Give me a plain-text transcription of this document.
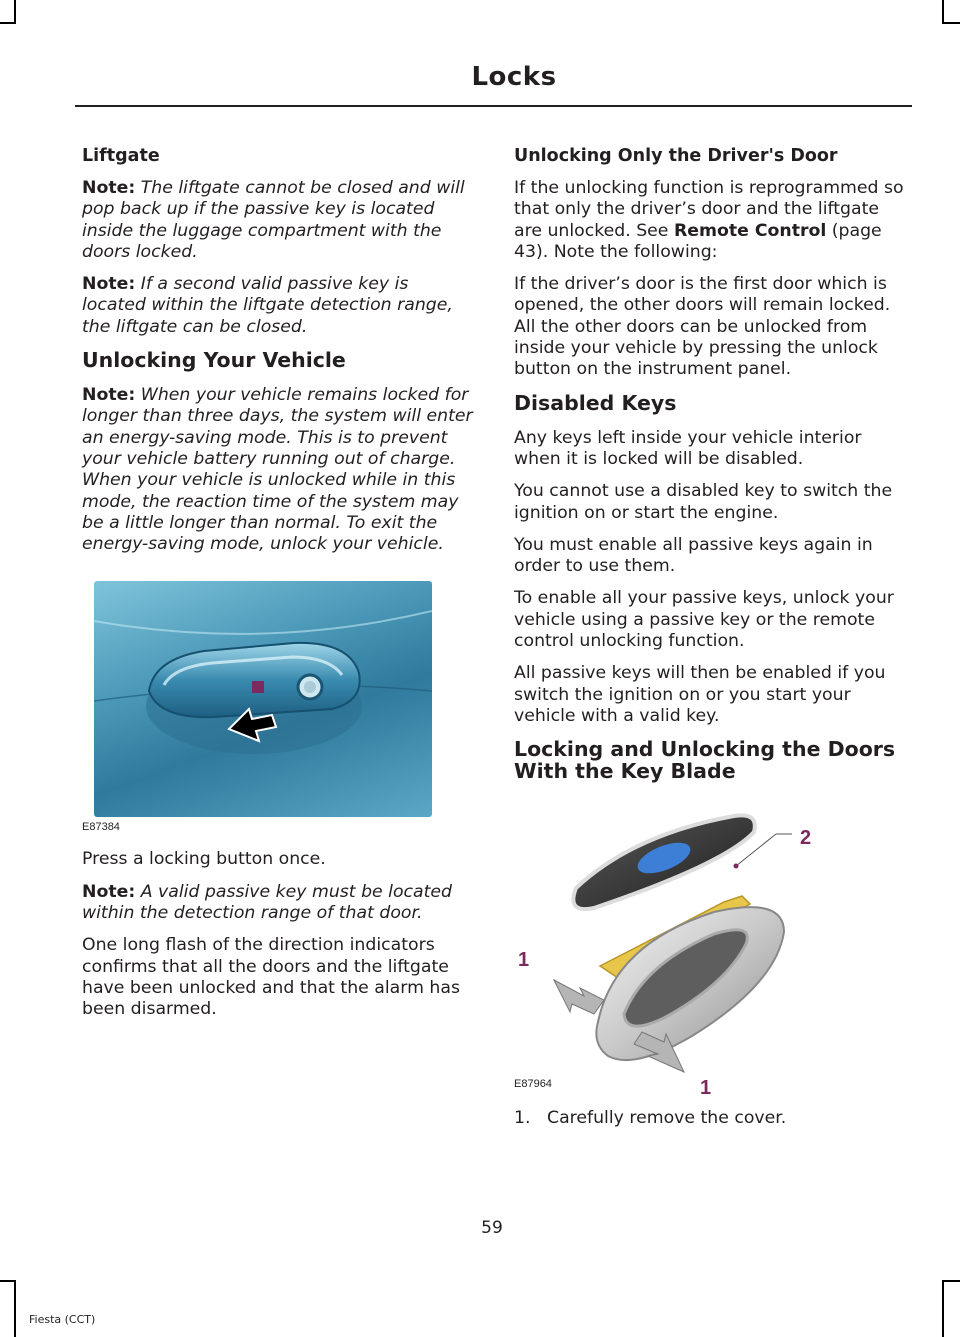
Locks
Liftgate

Note: The liftgate cannot be closed and will pop back up if the passive key is located inside the luggage compartment with the doors locked.

Note: If a second valid passive key is located within the liftgate detection range, the liftgate can be closed.

Unlocking Your Vehicle

Note: When your vehicle remains locked for longer than three days, the system will enter an energy-saving mode. This is to prevent your vehicle battery running out of charge. When your vehicle is unlocked while in this mode, the reaction time of the system may be a little longer than normal. To exit the energy-saving mode, unlock your vehicle.

E87384

Press a locking button once.

Note: A valid passive key must be located within the detection range of that door.

One long flash of the direction indicators confirms that all the doors and the liftgate have been unlocked and that the alarm has been disarmed.

Unlocking Only the Driver's Door

If the unlocking function is reprogrammed so that only the driver’s door and the liftgate are unlocked. See Remote Control (page 43). Note the following:

If the driver’s door is the first door which is opened, the other doors will remain locked. All the other doors can be unlocked from inside your vehicle by pressing the unlock button on the instrument panel.

Disabled Keys

Any keys left inside your vehicle interior when it is locked will be disabled.

You cannot use a disabled key to switch the ignition on or start the engine.

You must enable all passive keys again in order to use them.

To enable all your passive keys, unlock your vehicle using a passive key or the remote control unlocking function.

All passive keys will then be enabled if you switch the ignition on or you start your vehicle with a valid key.

Locking and Unlocking the Doors With the Key Blade
2
1
1
E87964
1. Carefully remove the cover.
59
Fiesta (CCT)
